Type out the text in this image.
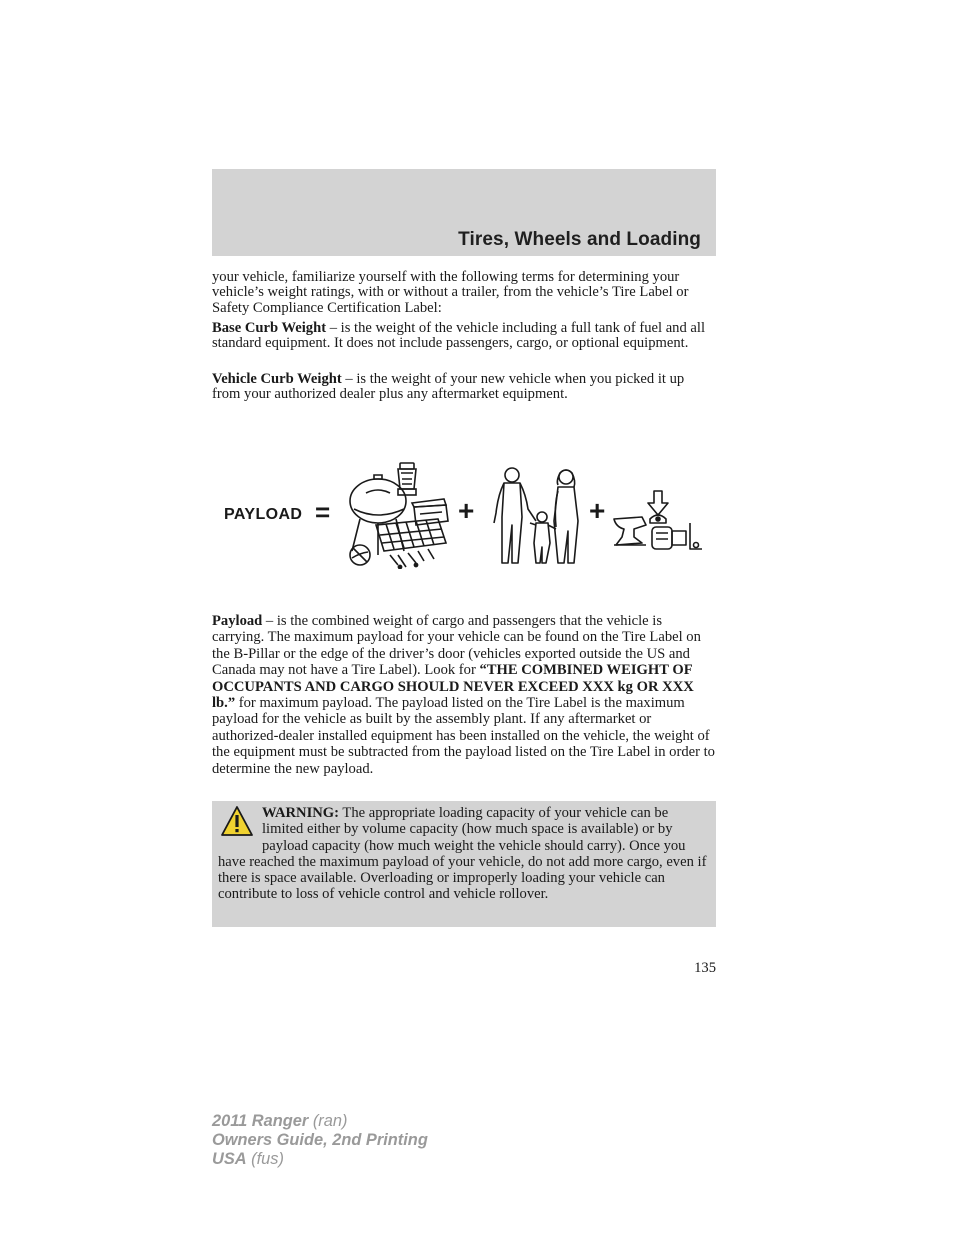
Tires, Wheels and Loading

your vehicle, familiarize yourself with the following terms for determining your vehicle’s weight ratings, with or without a trailer, from the vehicle’s Tire Label or Safety Compliance Certification Label:

Base Curb Weight – is the weight of the vehicle including a full tank of fuel and all standard equipment. It does not include passengers, cargo, or optional equipment.

Vehicle Curb Weight – is the weight of your new vehicle when you picked it up from your authorized dealer plus any aftermarket equipment.

PAYLOAD =	+	+

Payload – is the combined weight of cargo and passengers that the vehicle is carrying. The maximum payload for your vehicle can be found on the Tire Label on the B-Pillar or the edge of the driver’s door (vehicles exported outside the US and Canada may not have a Tire Label). Look for “THE COMBINED WEIGHT OF OCCUPANTS AND CARGO SHOULD NEVER EXCEED XXX kg OR XXX lb.” for maximum payload. The payload listed on the Tire Label is the maximum payload for the vehicle as built by the assembly plant. If any aftermarket or authorized-dealer installed equipment has been installed on the vehicle, the weight of the equipment must be subtracted from the payload listed on the Tire Label in order to determine the new payload.

WARNING: The appropriate loading capacity of your vehicle can be limited either by volume capacity (how much space is available) or by payload capacity (how much weight the vehicle should carry). Once you have reached the maximum payload of your vehicle, do not add more cargo, even if there is space available. Overloading or improperly loading your vehicle can contribute to loss of vehicle control and vehicle rollover.

135
2011 Ranger (ran)
Owners Guide, 2nd Printing
USA (fus)
